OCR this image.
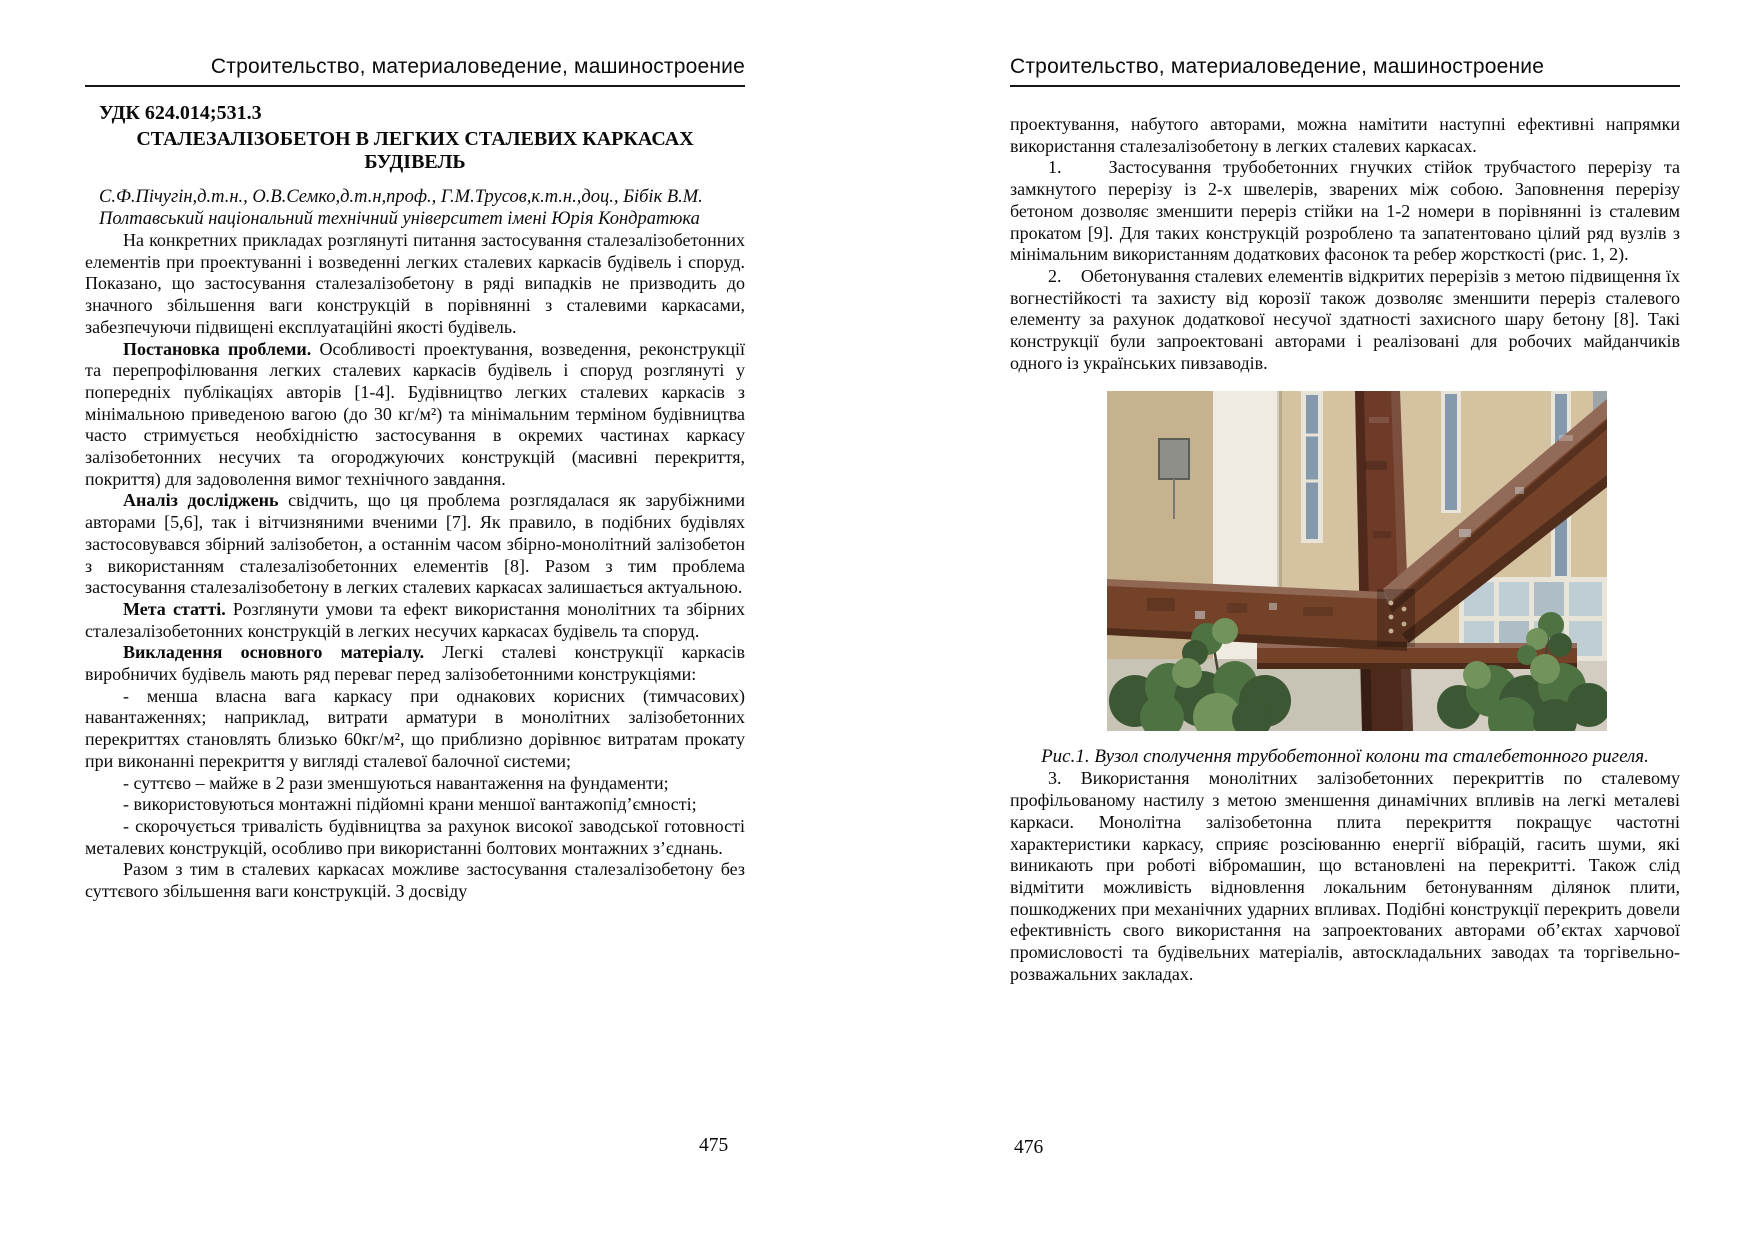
Строительство, материаловедение, машиностроение
УДК 624.014;531.3
СТАЛЕЗАЛІЗОБЕТОН В ЛЕГКИХ СТАЛЕВИХ КАРКАСАХ
БУДІВЕЛЬ
С.Ф.Пічугін,д.т.н., О.В.Семко,д.т.н,проф., Г.М.Трусов,к.т.н.,доц., Бібік В.М.
Полтавський національний технічний університет імені Юрія Кондратюка

На конкретних прикладах розглянуті питання застосування сталезалізобетонних елементів при проектуванні і возведенні легких сталевих каркасів будівель і споруд. Показано, що застосування сталезалізобетону в ряді випадків не призводить до значного збільшення ваги конструкцій в порівнянні з сталевими каркасами, забезпечуючи підвищені експлуатаційні якості будівель.

Постановка проблеми. Особливості проектування, возведення, реконструкції та перепрофілювання легких сталевих каркасів будівель і споруд розглянуті у попередніх публікаціях авторів [1-4]. Будівництво легких сталевих каркасів з мінімальною приведеною вагою (до 30 кг/м²) та мінімальним терміном будівництва часто стримується необхідністю застосування в окремих частинах каркасу залізобетонних несучих та огороджуючих конструкцій (масивні перекриття, покриття) для задоволення вимог технічного завдання.

Аналіз досліджень свідчить, що ця проблема розглядалася як зарубіжними авторами [5,6], так і вітчизняними вченими [7]. Як правило, в подібних будівлях застосовувався збірний залізобетон, а останнім часом збірно-монолітний залізобетон з використанням сталезалізобетонних елементів [8]. Разом з тим проблема застосування сталезалізобетону в легких сталевих каркасах залишається актуальною.

Мета статті. Розглянути умови та ефект використання монолітних та збірних сталезалізобетонних конструкцій в легких несучих каркасах будівель та споруд.

Викладення основного матеріалу. Легкі сталеві конструкції каркасів виробничих будівель мають ряд переваг перед залізобетонними конструкціями:

- менша власна вага каркасу при однакових корисних (тимчасових) навантаженнях; наприклад, витрати арматури в монолітних залізобетонних перекриттях становлять близько 60кг/м², що приблизно дорівнює витратам прокату при виконанні перекриття у вигляді сталевої балочної системи;

- суттєво – майже в 2 рази зменшуються навантаження на фундаменти;

- використовуються монтажні підйомні крани меншої вантажопід’ємності;

- скорочується тривалість будівництва за рахунок високої заводської готовності металевих конструкцій, особливо при використанні болтових монтажних з’єднань.

Разом з тим в сталевих каркасах можливе застосування сталезалізобетону без суттєвого збільшення ваги конструкцій. З досвіду

Строительство, материаловедение, машиностроение

проектування, набутого авторами, можна намітити наступні ефективні напрямки використання сталезалізобетону в легких сталевих каркасах.

1.    Застосування трубобетонних гнучких стійок трубчастого перерізу та замкнутого перерізу із 2-х швелерів, зварених між собою. Заповнення перерізу бетоном дозволяє зменшити переріз стійки на 1-2 номери в порівнянні із сталевим прокатом [9]. Для таких конструкцій розроблено та запатентовано цілий ряд вузлів з мінімальним використанням додаткових фасонок та ребер жорсткості (рис. 1, 2).

2.    Обетонування сталевих елементів відкритих перерізів з метою підвищення їх вогнестійкості та захисту від корозії також дозволяє зменшити переріз сталевого елементу за рахунок додаткової несучої здатності захисного шару бетону [8]. Такі конструкції були запроектовані авторами і реалізовані для робочих майданчиків одного із українських пивзаводів.

Рис.1. Вузол сполучення трубобетонної колони та сталебетонного ригеля.

3. Використання монолітних залізобетонних перекриттів по сталевому профільованому настилу з метою зменшення динамічних впливів на легкі металеві каркаси. Монолітна залізобетонна плита перекриття покращує частотні характеристики каркасу, сприяє розсіюванню енергії вібрацій, гасить шуми, які виникають при роботі вібромашин, що встановлені на перекритті. Також слід відмітити можливість відновлення локальним бетонуванням ділянок плити, пошкоджених при механічних ударних впливах. Подібні конструкції перекрить довели ефективність свого використання на запроектованих авторами об’єктах харчової промисловості та будівельних матеріалів, автоскладальних заводах та торгівельно-розважальних закладах.

475	476
